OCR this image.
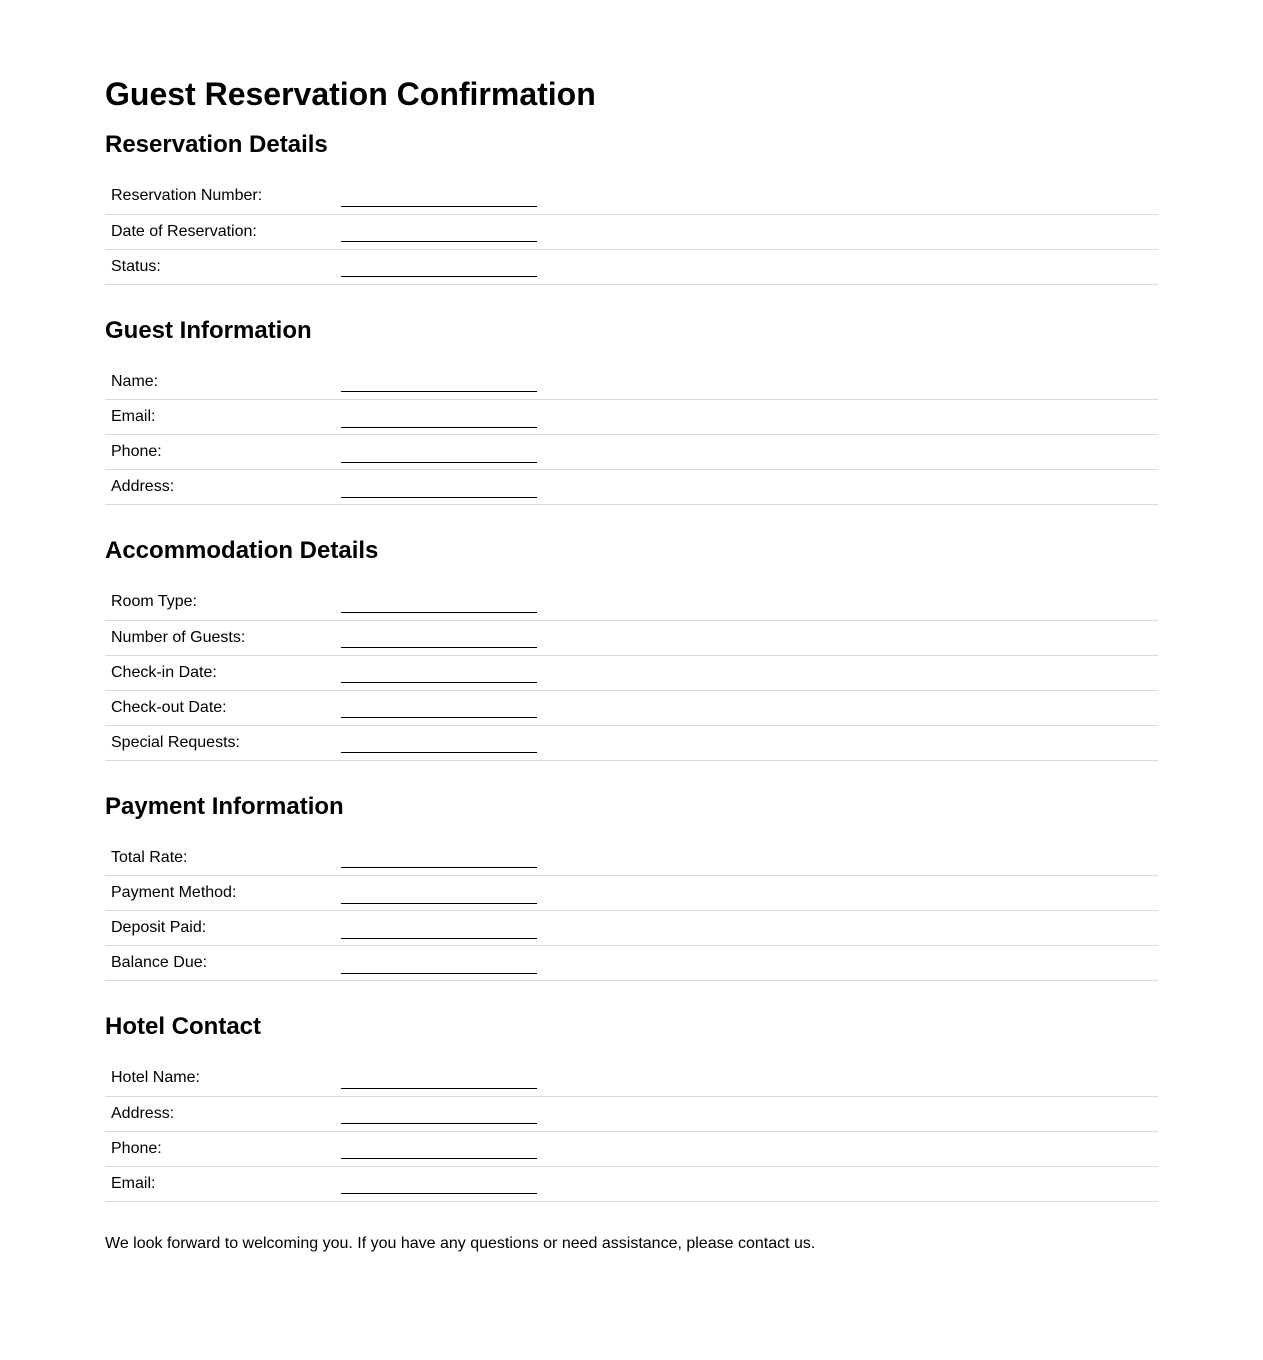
Guest Reservation Confirmation
Reservation Details
Reservation Number:	
Date of Reservation:	
Status:	
Guest Information
Name:	
Email:	
Phone:	
Address:	
Accommodation Details
Room Type:	
Number of Guests:	
Check-in Date:	
Check-out Date:	
Special Requests:	
Payment Information
Total Rate:	
Payment Method:	
Deposit Paid:	
Balance Due:	
Hotel Contact
Hotel Name:	
Address:	
Phone:	
Email:	

We look forward to welcoming you. If you have any questions or need assistance, please contact us.
